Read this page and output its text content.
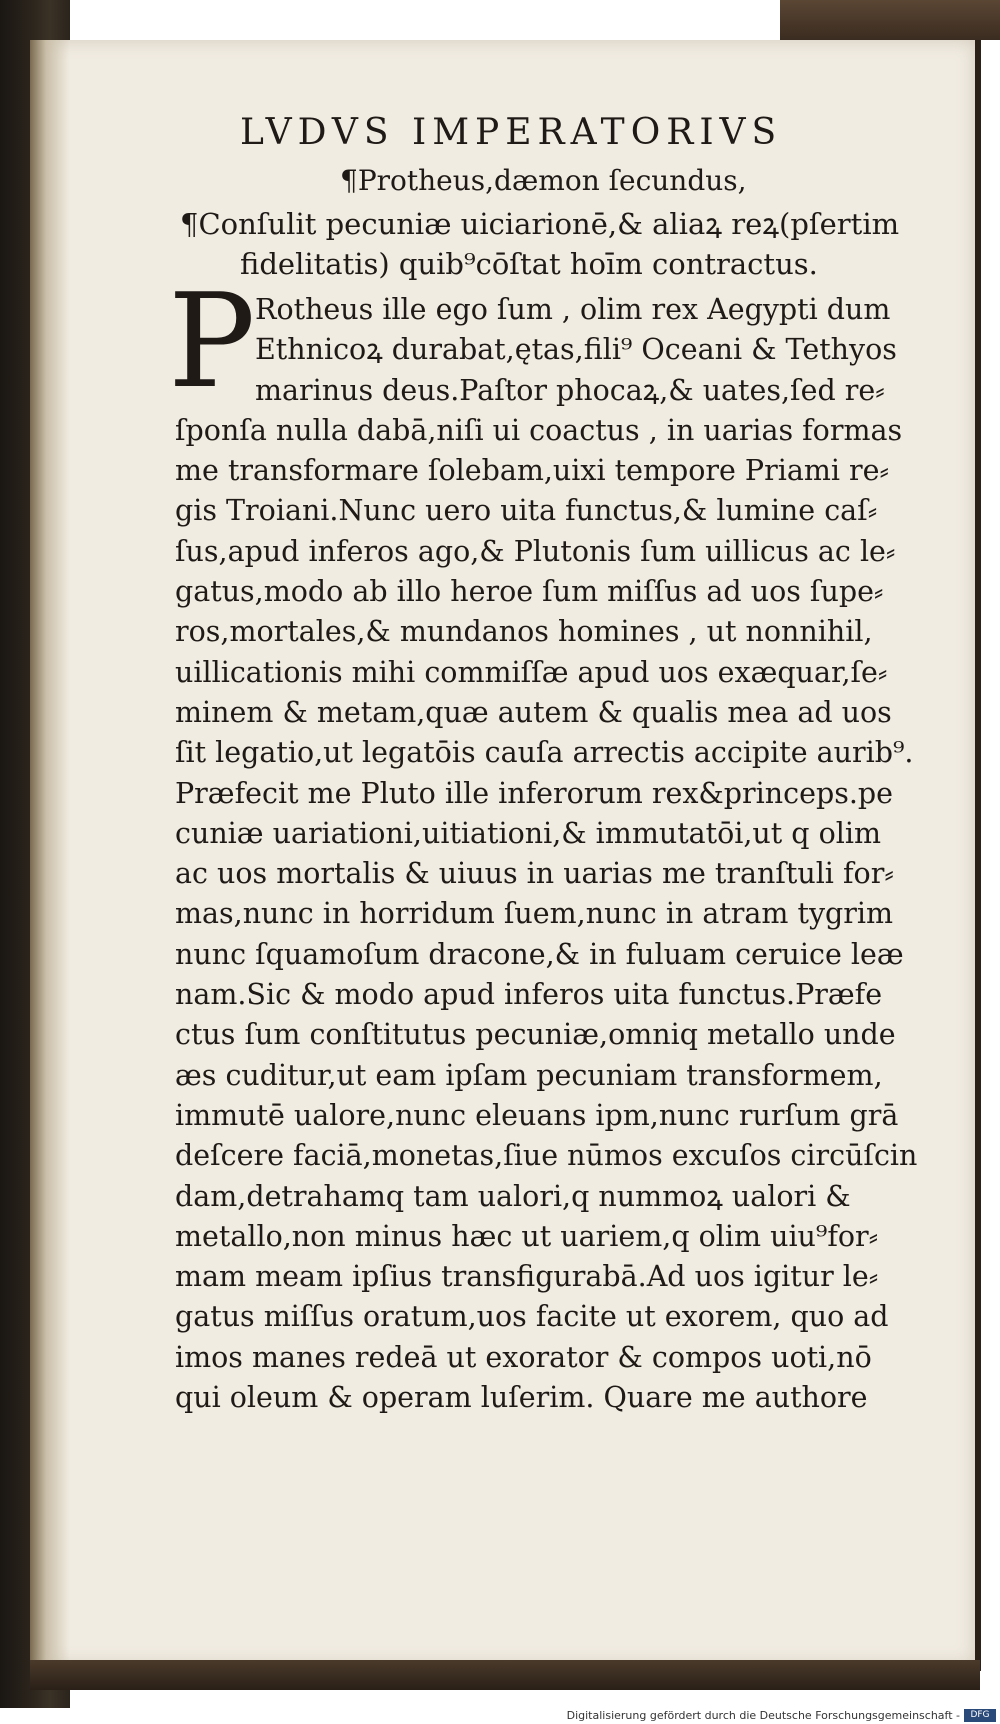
LVDVS IMPERATORIVS
¶Protheus,dæmon ſecundus,
¶Conſulit pecuniæ uiciarionē,& aliaꝝ reꝝ(pſertim
fidelitatis) quib⁹cōſtat hoīm contractus.
P Rotheus ille ego ſum , olim rex Aegypti dum
Ethnicoꝝ durabat,ętas,fili⁹ Oceani & Tethyos
marinus deus.Paſtor phocaꝝ,& uates,ſed re⸗
ſponſa nulla dabā,niſi ui coactus , in uarias formas
me transformare ſolebam,uixi tempore Priami re⸗
gis Troiani.Nunc uero uita functus,& lumine caſ⸗
ſus,apud inferos ago,& Plutonis ſum uillicus ac le⸗
gatus,modo ab illo heroe ſum miſſus ad uos ſupe⸗
ros,mortales,& mundanos homines , ut nonnihil,
uillicationis mihi commiſſæ apud uos exæquar,ſe⸗
minem & metam,quæ autem & qualis mea ad uos
ſit legatio,ut legatōis cauſa arrectis accipite aurib⁹.
Præfecit me Pluto ille inferorum rex&princeps.pe
cuniæ uariationi,uitiationi,& immutatōi,ut q olim
ac uos mortalis & uiuus in uarias me tranſtuli for⸗
mas,nunc in horridum ſuem,nunc in atram tygrim
nunc ſquamoſum dracone,& in fuluam ceruice leæ
nam.Sic & modo apud inferos uita functus.Præfe
ctus ſum conſtitutus pecuniæ,omniq metallo unde
æs cuditur,ut eam ipſam pecuniam transformem,
immutē ualore,nunc eleuans ipm,nunc rurſum grā
deſcere faciā,monetas,ſiue nūmos excuſos circūſcin
dam,detrahamq tam ualori,q nummoꝝ ualori &
metallo,non minus hæc ut uariem,q olim uiu⁹for⸗
mam meam ipſius transfigurabā.Ad uos igitur le⸗
gatus miſſus oratum,uos facite ut exorem, quo ad
imos manes redeā ut exorator & compos uoti,nō
qui oleum & operam luſerim. Quare me authore
Digitalisierung gefördert durch die Deutsche Forschungsgemeinschaft -	DFG
